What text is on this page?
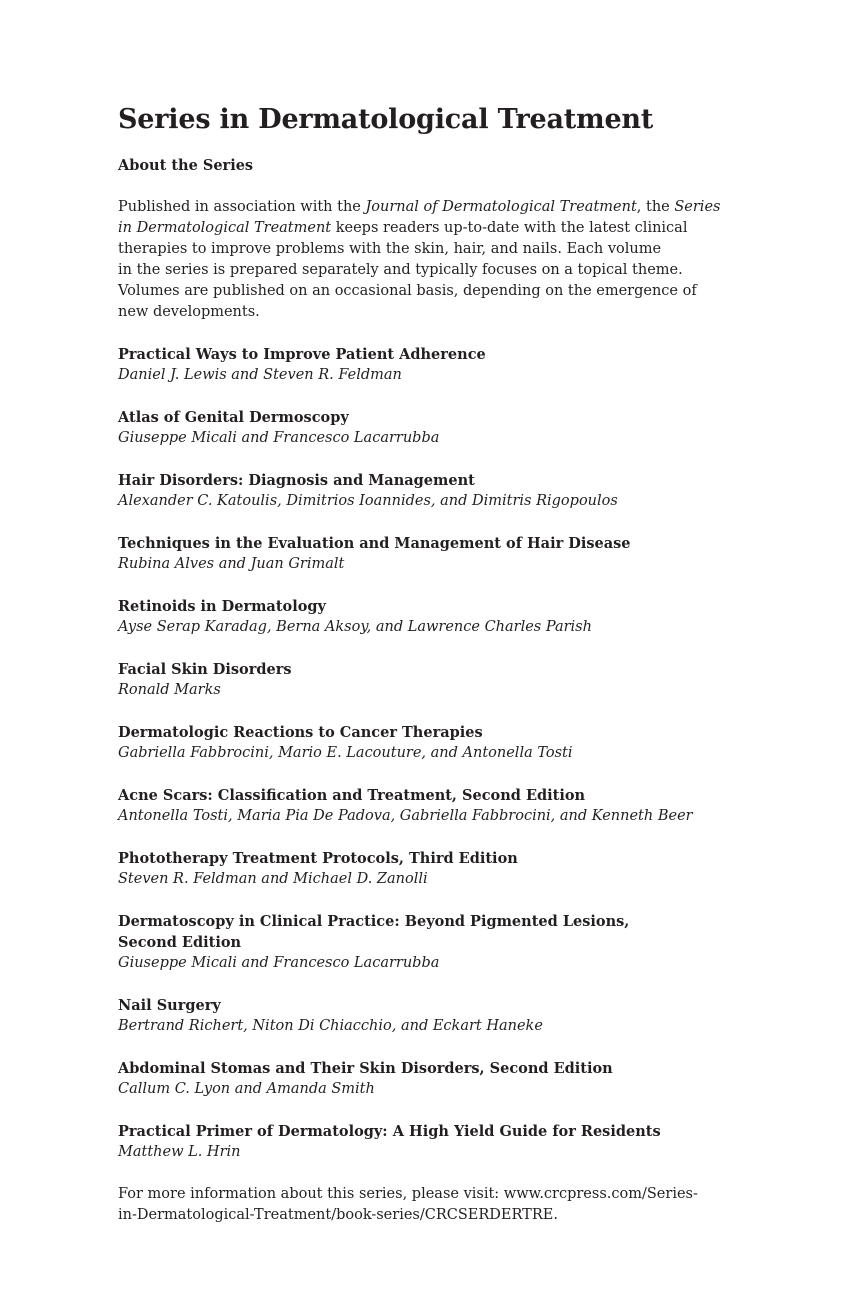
Series in Dermatological Treatment
About the Series
Published in association with the Journal of Dermatological Treatment, the Series
in Dermatological Treatment keeps readers up-to-date with the latest clinical
therapies to improve problems with the skin, hair, and nails. Each volume
in the series is prepared separately and typically focuses on a topical theme.
Volumes are published on an occasional basis, depending on the emergence of
new developments.
Practical Ways to Improve Patient Adherence
Daniel J. Lewis and Steven R. Feldman
Atlas of Genital Dermoscopy
Giuseppe Micali and Francesco Lacarrubba
Hair Disorders: Diagnosis and Management
Alexander C. Katoulis, Dimitrios Ioannides, and Dimitris Rigopoulos
Techniques in the Evaluation and Management of Hair Disease
Rubina Alves and Juan Grimalt
Retinoids in Dermatology
Ayse Serap Karadag, Berna Aksoy, and Lawrence Charles Parish
Facial Skin Disorders
Ronald Marks
Dermatologic Reactions to Cancer Therapies
Gabriella Fabbrocini, Mario E. Lacouture, and Antonella Tosti
Acne Scars: Classification and Treatment, Second Edition
Antonella Tosti, Maria Pia De Padova, Gabriella Fabbrocini, and Kenneth Beer
Phototherapy Treatment Protocols, Third Edition
Steven R. Feldman and Michael D. Zanolli
Dermatoscopy in Clinical Practice: Beyond Pigmented Lesions,
Second Edition
Giuseppe Micali and Francesco Lacarrubba
Nail Surgery
Bertrand Richert, Niton Di Chiacchio, and Eckart Haneke
Abdominal Stomas and Their Skin Disorders, Second Edition
Callum C. Lyon and Amanda Smith
Practical Primer of Dermatology: A High Yield Guide for Residents
Matthew L. Hrin

For more information about this series, please visit: www.crcpress.com/Series-
in-Dermatological-Treatment/book-series/CRCSERDERTRE.
